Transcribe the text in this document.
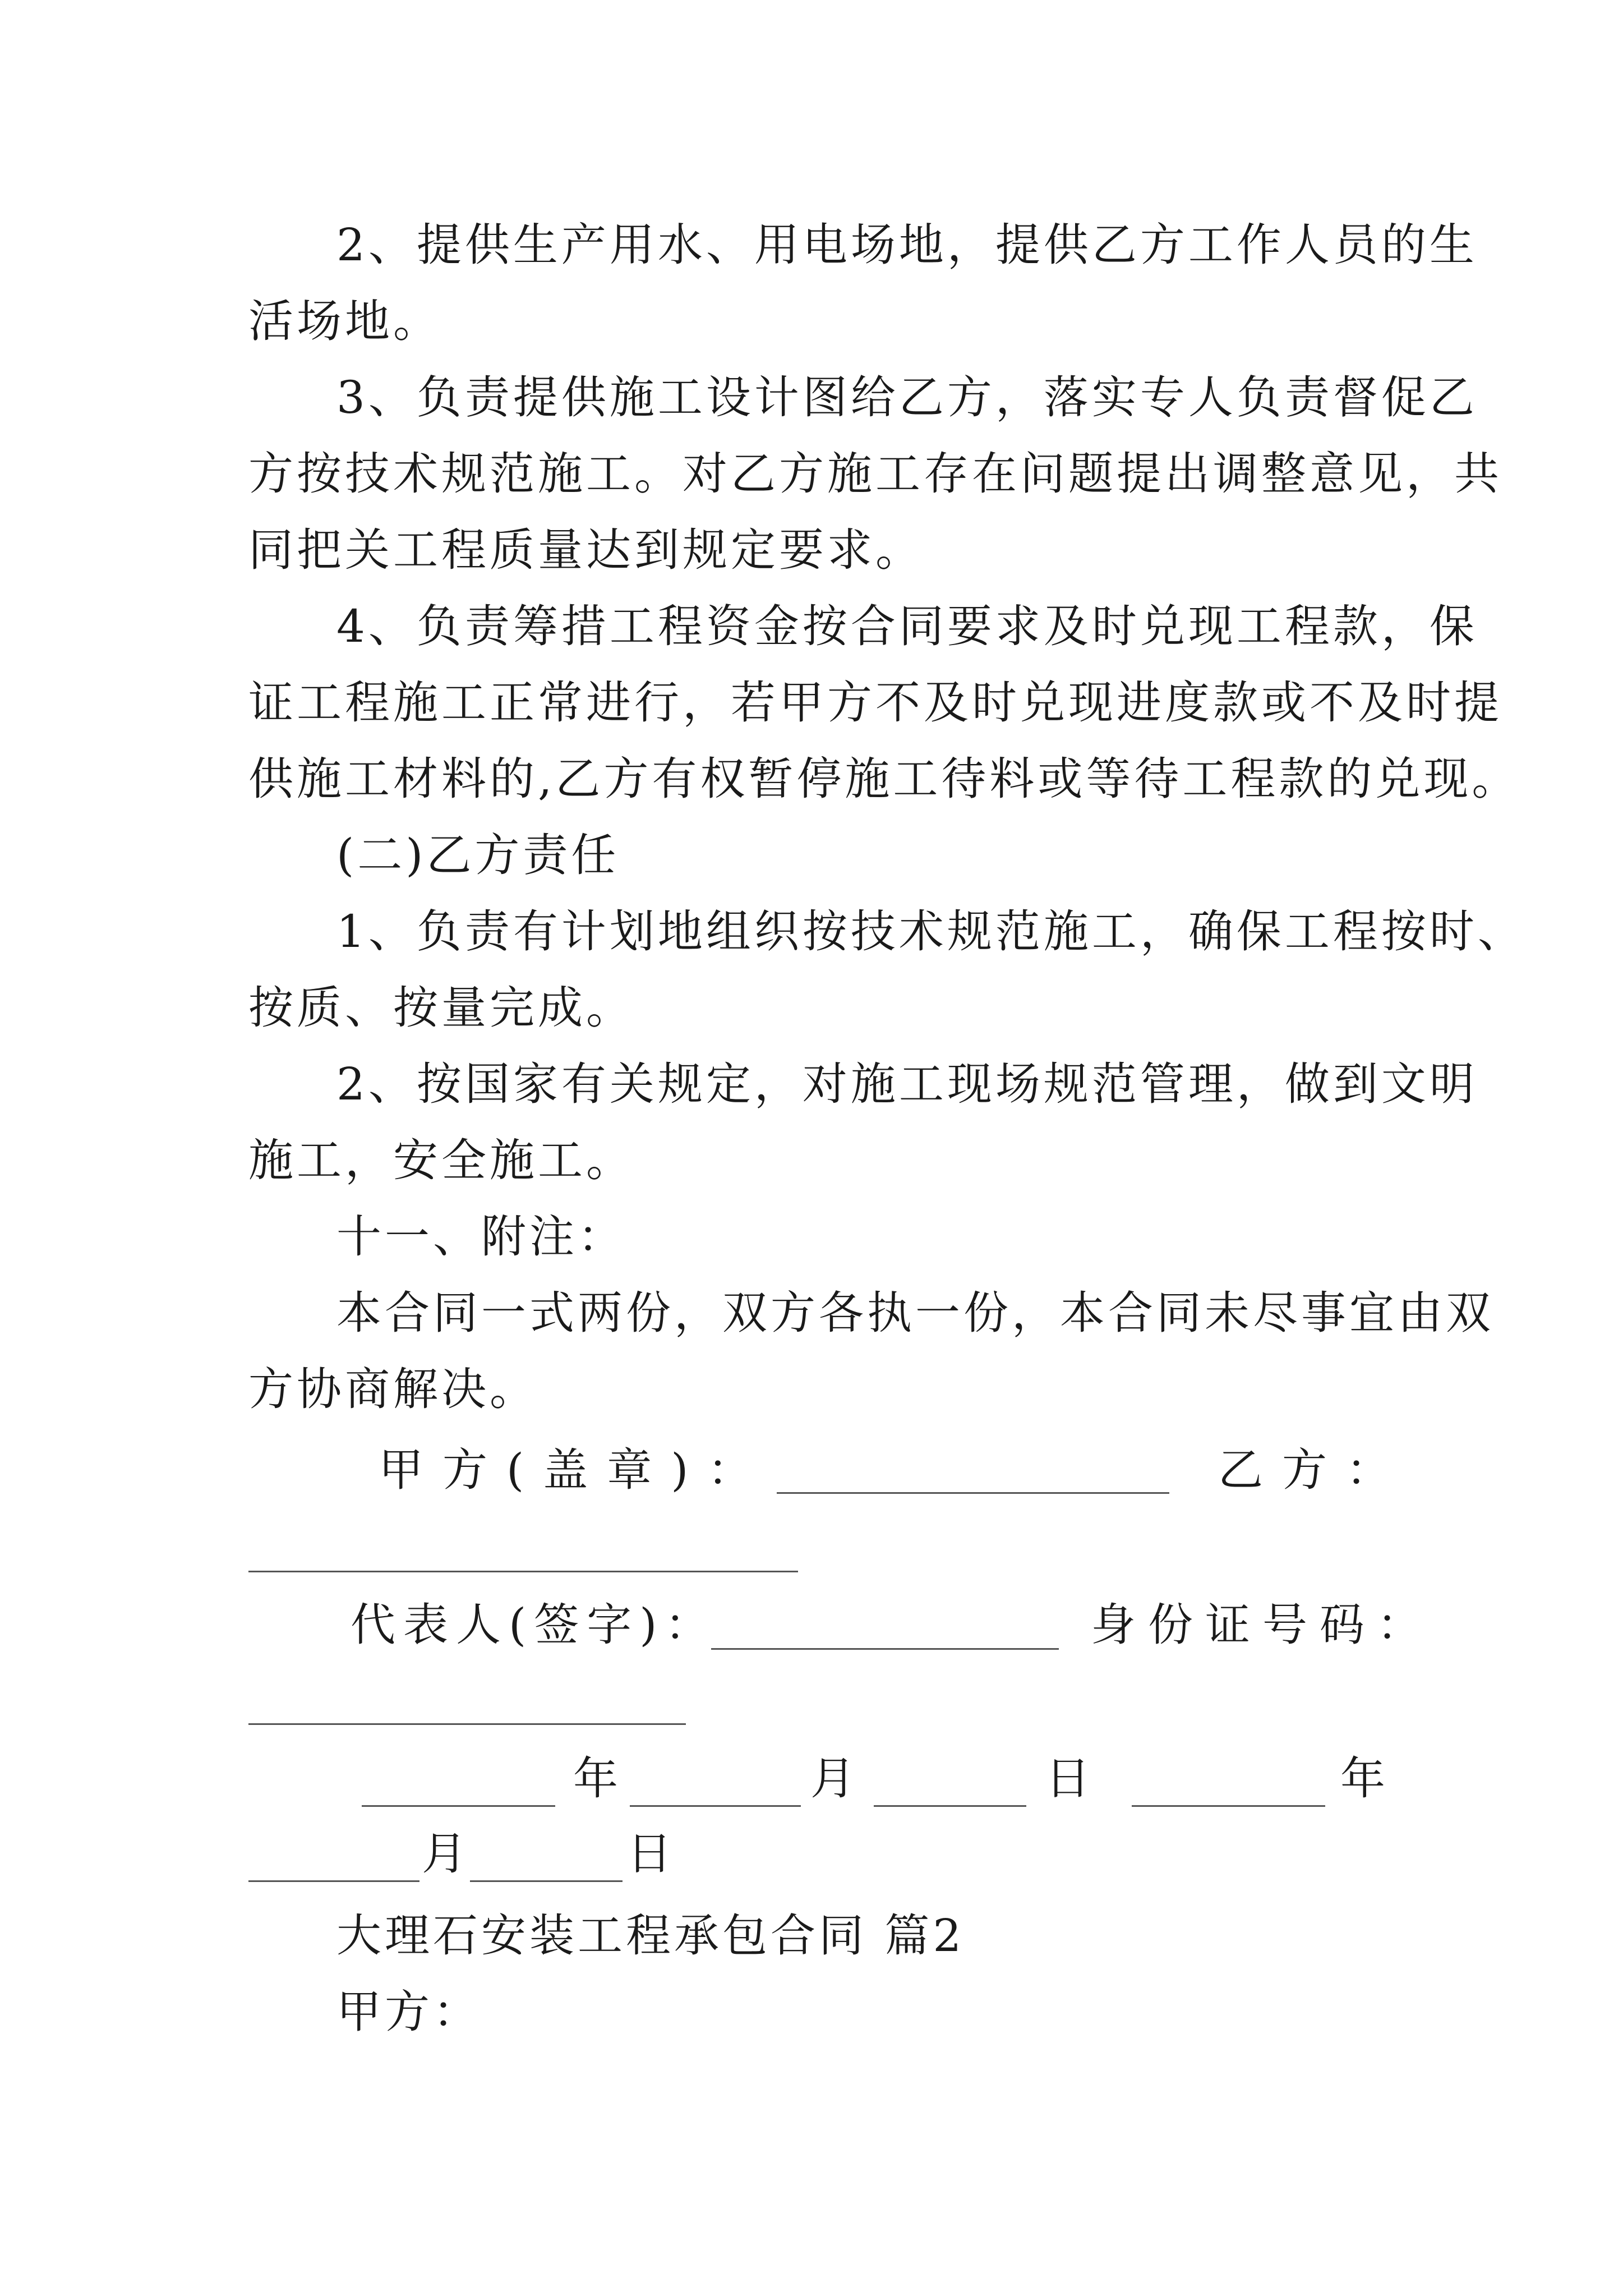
2、提供生产用水、用电场地，提供乙方工作人员的生
活场地。
3、负责提供施工设计图给乙方，落实专人负责督促乙
方按技术规范施工。对乙方施工存在问题提出调整意见，共
同把关工程质量达到规定要求。
4、负责筹措工程资金按合同要求及时兑现工程款，保
证工程施工正常进行，若甲方不及时兑现进度款或不及时提
供施工材料的,乙方有权暂停施工待料或等待工程款的兑现。
(二)乙方责任
1、负责有计划地组织按技术规范施工，确保工程按时、
按质、按量完成。
2、按国家有关规定，对施工现场规范管理，做到文明
施工，安全施工。
十一、附注：
本合同一式两份，双方各执一份，本合同未尽事宜由双
方协商解决。
甲方(盖章)：	乙方：
代表人(签字)：	身份证号码：
年	月	日	年
月	日
大理石安装工程承包合同 篇2
甲方：
